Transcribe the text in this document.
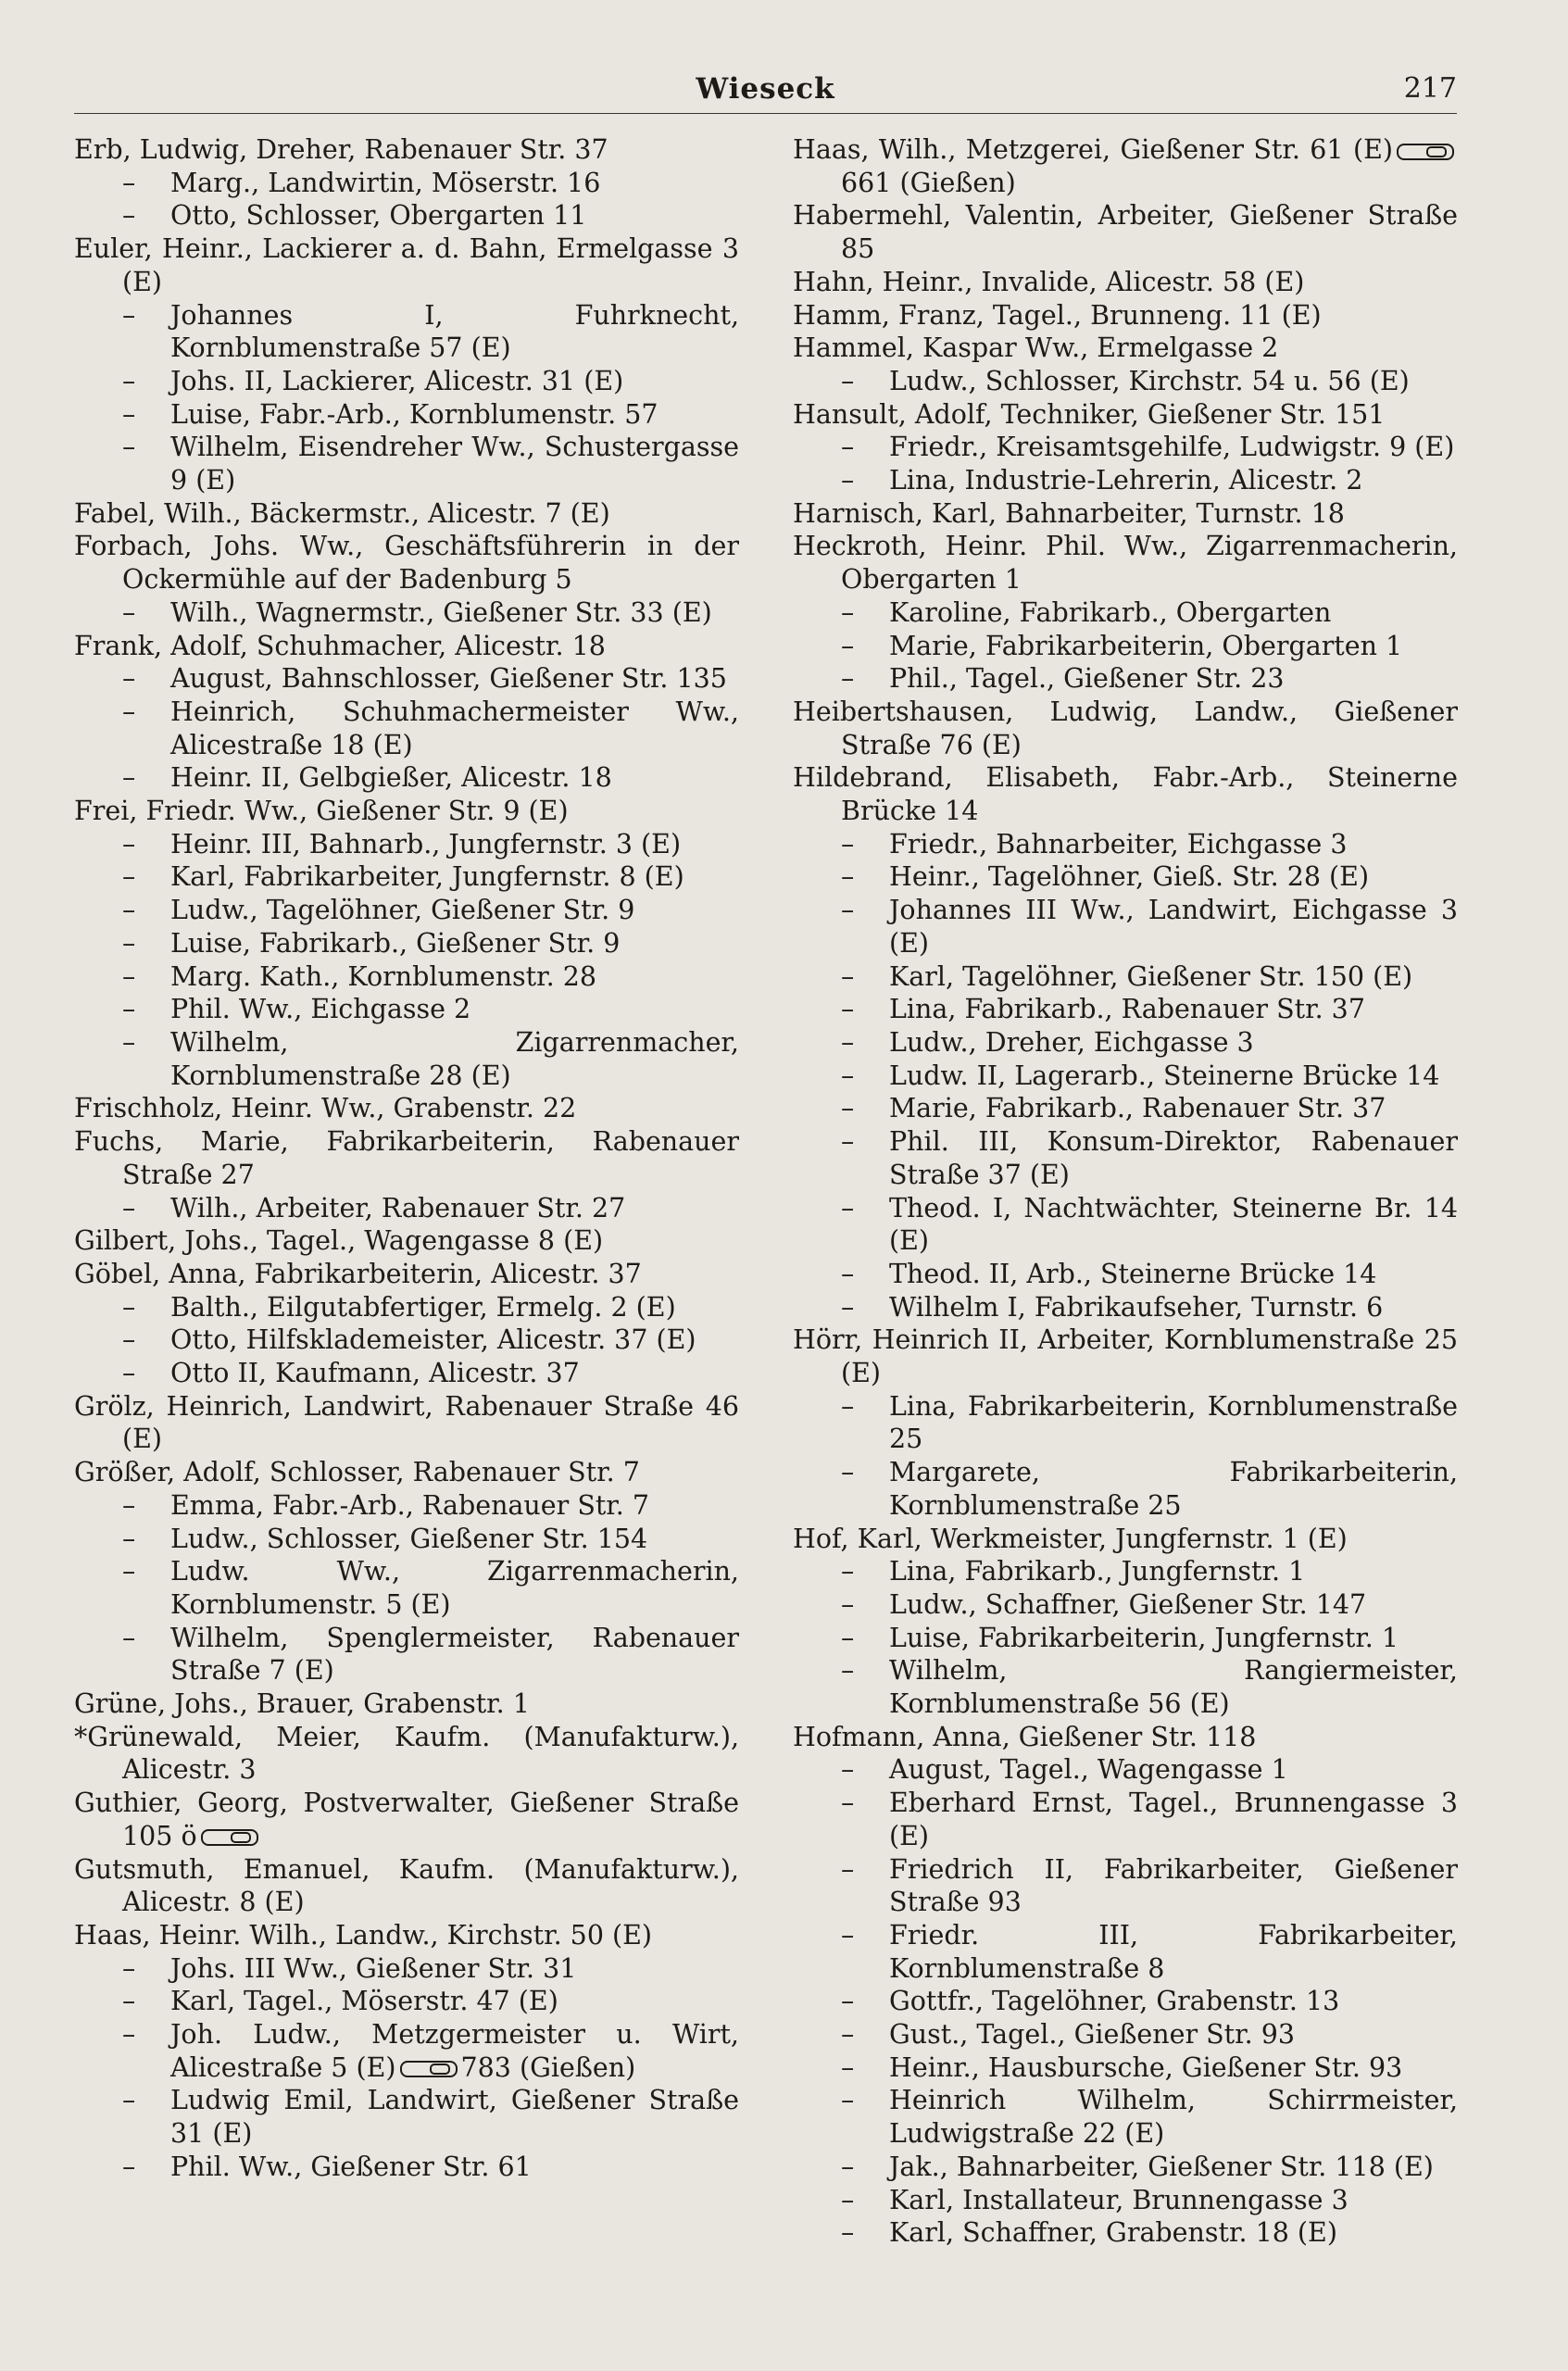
Wieseck	217
Erb, Ludwig, Dreher, Rabenauer Str. 37
– Marg., Landwirtin, Möserstr. 16
– Otto, Schlosser, Obergarten 11
Euler, Heinr., Lackierer a. d. Bahn, Ermelgasse 3 (E)
– Johannes I, Fuhrknecht, Kornblumenstraße 57 (E)
– Johs. II, Lackierer, Alicestr. 31 (E)
– Luise, Fabr.-Arb., Kornblumenstr. 57
– Wilhelm, Eisendreher Ww., Schustergasse 9 (E)
Fabel, Wilh., Bäckermstr., Alicestr. 7 (E)
Forbach, Johs. Ww., Geschäftsführerin in der Ockermühle auf der Badenburg 5
– Wilh., Wagnermstr., Gießener Str. 33 (E)
Frank, Adolf, Schuhmacher, Alicestr. 18
– August, Bahnschlosser, Gießener Str. 135
– Heinrich, Schuhmachermeister Ww., Alicestraße 18 (E)
– Heinr. II, Gelbgießer, Alicestr. 18
Frei, Friedr. Ww., Gießener Str. 9 (E)
– Heinr. III, Bahnarb., Jungfernstr. 3 (E)
– Karl, Fabrikarbeiter, Jungfernstr. 8 (E)
– Ludw., Tagelöhner, Gießener Str. 9
– Luise, Fabrikarb., Gießener Str. 9
– Marg. Kath., Kornblumenstr. 28
– Phil. Ww., Eichgasse 2
– Wilhelm, Zigarrenmacher, Kornblumenstraße 28 (E)
Frischholz, Heinr. Ww., Grabenstr. 22
Fuchs, Marie, Fabrikarbeiterin, Rabenauer Straße 27
– Wilh., Arbeiter, Rabenauer Str. 27
Gilbert, Johs., Tagel., Wagengasse 8 (E)
Göbel, Anna, Fabrikarbeiterin, Alicestr. 37
– Balth., Eilgutabfertiger, Ermelg. 2 (E)
– Otto, Hilfsklademeister, Alicestr. 37 (E)
– Otto II, Kaufmann, Alicestr. 37
Grölz, Heinrich, Landwirt, Rabenauer Straße 46 (E)
Größer, Adolf, Schlosser, Rabenauer Str. 7
– Emma, Fabr.-Arb., Rabenauer Str. 7
– Ludw., Schlosser, Gießener Str. 154
– Ludw. Ww., Zigarrenmacherin, Kornblumenstr. 5 (E)
– Wilhelm, Spenglermeister, Rabenauer Straße 7 (E)
Grüne, Johs., Brauer, Grabenstr. 1
*Grünewald, Meier, Kaufm. (Manufakturw.), Alicestr. 3
Guthier, Georg, Postverwalter, Gießener Straße 105 ö
Gutsmuth, Emanuel, Kaufm. (Manufakturw.), Alicestr. 8 (E)
Haas, Heinr. Wilh., Landw., Kirchstr. 50 (E)
– Johs. III Ww., Gießener Str. 31
– Karl, Tagel., Möserstr. 47 (E)
– Joh. Ludw., Metzgermeister u. Wirt, Alicestraße 5 (E) 783 (Gießen)
– Ludwig Emil, Landwirt, Gießener Straße 31 (E)
– Phil. Ww., Gießener Str. 61
Haas, Wilh., Metzgerei, Gießener Str. 61 (E)661 (Gießen)
Habermehl, Valentin, Arbeiter, Gießener Straße 85
Hahn, Heinr., Invalide, Alicestr. 58 (E)
Hamm, Franz, Tagel., Brunneng. 11 (E)
Hammel, Kaspar Ww., Ermelgasse 2
– Ludw., Schlosser, Kirchstr. 54 u. 56 (E)
Hansult, Adolf, Techniker, Gießener Str. 151
– Friedr., Kreisamtsgehilfe, Ludwigstr. 9 (E)
– Lina, Industrie-Lehrerin, Alicestr. 2
Harnisch, Karl, Bahnarbeiter, Turnstr. 18
Heckroth, Heinr. Phil. Ww., Zigarrenmacherin, Obergarten 1
– Karoline, Fabrikarb., Obergarten
– Marie, Fabrikarbeiterin, Obergarten 1
– Phil., Tagel., Gießener Str. 23
Heibertshausen, Ludwig, Landw., Gießener Straße 76 (E)
Hildebrand, Elisabeth, Fabr.-Arb., Steinerne Brücke 14
– Friedr., Bahnarbeiter, Eichgasse 3
– Heinr., Tagelöhner, Gieß. Str. 28 (E)
– Johannes III Ww., Landwirt, Eichgasse 3 (E)
– Karl, Tagelöhner, Gießener Str. 150 (E)
– Lina, Fabrikarb., Rabenauer Str. 37
– Ludw., Dreher, Eichgasse 3
– Ludw. II, Lagerarb., Steinerne Brücke 14
– Marie, Fabrikarb., Rabenauer Str. 37
– Phil. III, Konsum-Direktor, Rabenauer Straße 37 (E)
– Theod. I, Nachtwächter, Steinerne Br. 14 (E)
– Theod. II, Arb., Steinerne Brücke 14
– Wilhelm I, Fabrikaufseher, Turnstr. 6
Hörr, Heinrich II, Arbeiter, Kornblumenstraße 25 (E)
– Lina, Fabrikarbeiterin, Kornblumenstraße 25
– Margarete, Fabrikarbeiterin, Kornblumenstraße 25
Hof, Karl, Werkmeister, Jungfernstr. 1 (E)
– Lina, Fabrikarb., Jungfernstr. 1
– Ludw., Schaffner, Gießener Str. 147
– Luise, Fabrikarbeiterin, Jungfernstr. 1
– Wilhelm, Rangiermeister, Kornblumenstraße 56 (E)
Hofmann, Anna, Gießener Str. 118
– August, Tagel., Wagengasse 1
– Eberhard Ernst, Tagel., Brunnengasse 3 (E)
– Friedrich II, Fabrikarbeiter, Gießener Straße 93
– Friedr. III, Fabrikarbeiter, Kornblumenstraße 8
– Gottfr., Tagelöhner, Grabenstr. 13
– Gust., Tagel., Gießener Str. 93
– Heinr., Hausbursche, Gießener Str. 93
– Heinrich Wilhelm, Schirrmeister, Ludwigstraße 22 (E)
– Jak., Bahnarbeiter, Gießener Str. 118 (E)
– Karl, Installateur, Brunnengasse 3
– Karl, Schaffner, Grabenstr. 18 (E)
